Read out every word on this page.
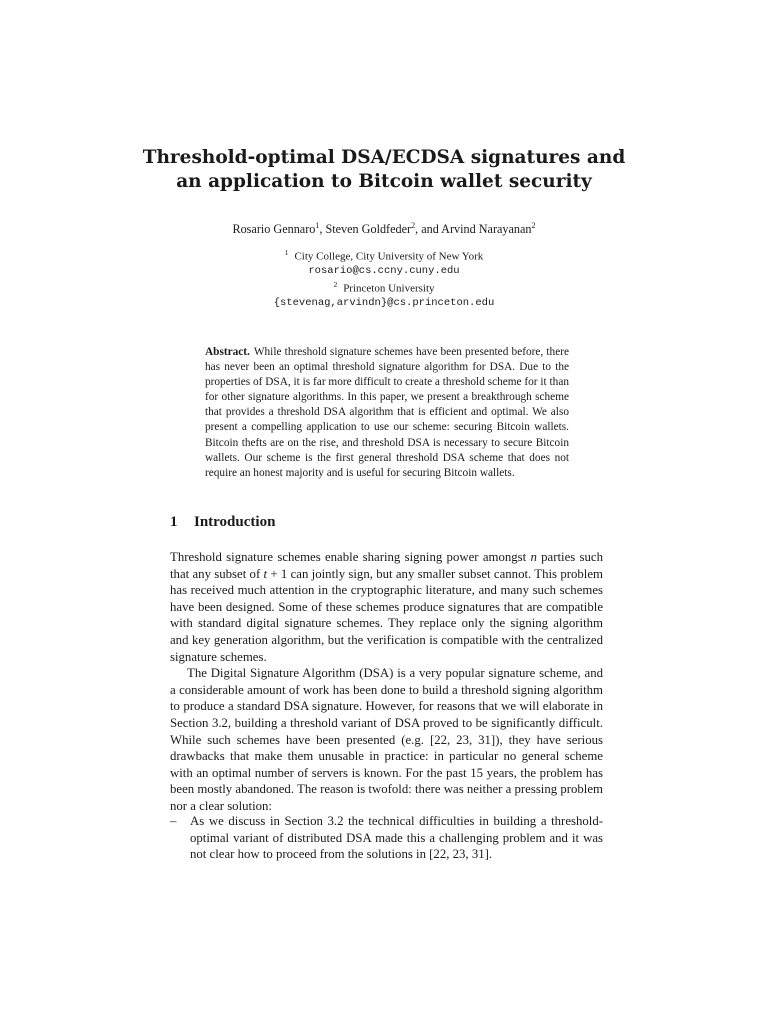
Threshold-optimal DSA/ECDSA signatures and
an application to Bitcoin wallet security
Rosario Gennaro$^1$, Steven Goldfeder$^2$, and Arvind Narayanan$^2$
$^1$ City College, City University of New York
rosario@cs.ccny.cuny.edu
$^2$ Princeton University
{stevenag,arvindn}@cs.princeton.edu
Abstract. While threshold signature schemes have been presented before, there has never been an optimal threshold signature algorithm for DSA. Due to the properties of DSA, it is far more difficult to create a threshold scheme for it than for other signature algorithms. In this paper, we present a breakthrough scheme that provides a threshold DSA algorithm that is efficient and optimal. We also present a compelling application to use our scheme: securing Bitcoin wallets. Bitcoin thefts are on the rise, and threshold DSA is necessary to secure Bitcoin wallets. Our scheme is the first general threshold DSA scheme that does not require an honest majority and is useful for securing Bitcoin wallets.
1 Introduction

Threshold signature schemes enable sharing signing power amongst n parties such that any subset of t + 1 can jointly sign, but any smaller subset cannot. This problem has received much attention in the cryptographic literature, and many such schemes have been designed. Some of these schemes produce signatures that are compatible with standard digital signature schemes. They replace only the signing algorithm and key generation algorithm, but the verification is compatible with the centralized signature schemes.

The Digital Signature Algorithm (DSA) is a very popular signature scheme, and a considerable amount of work has been done to build a threshold signing algorithm to produce a standard DSA signature. However, for reasons that we will elaborate in Section 3.2, building a threshold variant of DSA proved to be significantly difficult. While such schemes have been presented (e.g. [22, 23, 31]), they have serious drawbacks that make them unusable in practice: in particular no general scheme with an optimal number of servers is known. For the past 15 years, the problem has been mostly abandoned. The reason is twofold: there was neither a pressing problem nor a clear solution:

– As we discuss in Section 3.2 the technical difficulties in building a threshold-optimal variant of distributed DSA made this a challenging problem and it was not clear how to proceed from the solutions in [22, 23, 31].
